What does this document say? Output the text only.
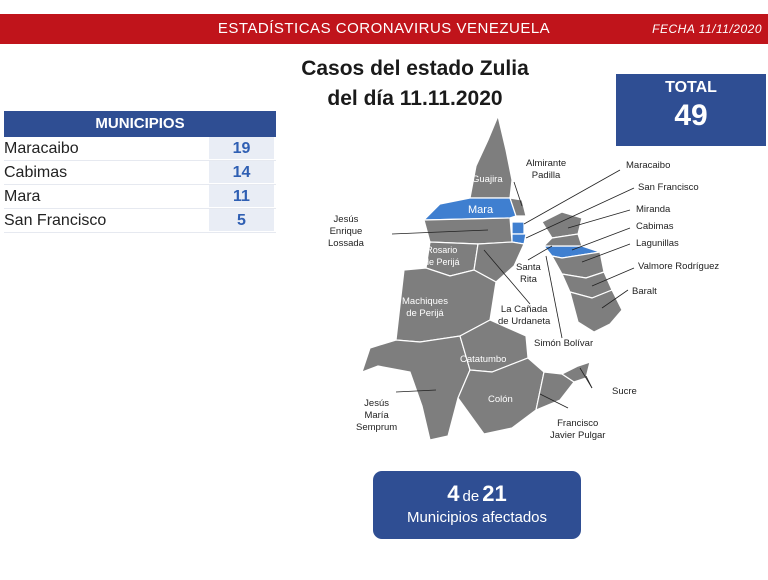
ESTADÍSTICAS CORONAVIRUS VENEZUELA	FECHA 11/11/2020
Casos del estado Zulia
del día 11.11.2020	TOTAL
49
MUNICIPIOS
Maracaibo	19
Cabimas	14
Mara	11
San Francisco	5
Guajira
Mara
Rosario
de Perijá
Machiques
de Perijá
Catatumbo
Colón
Almirante
Padilla
Maracaibo
San Francisco
Miranda
Cabimas
Lagunillas
Valmore Rodríguez
Baralt
Jesús
Enrique
Lossada
Santa
Rita
La Cañada
de Urdaneta
Simón Bolívar
Sucre
Jesús
María
Semprum	Francisco
Javier Pulgar
4 de 21
Municipios afectados
